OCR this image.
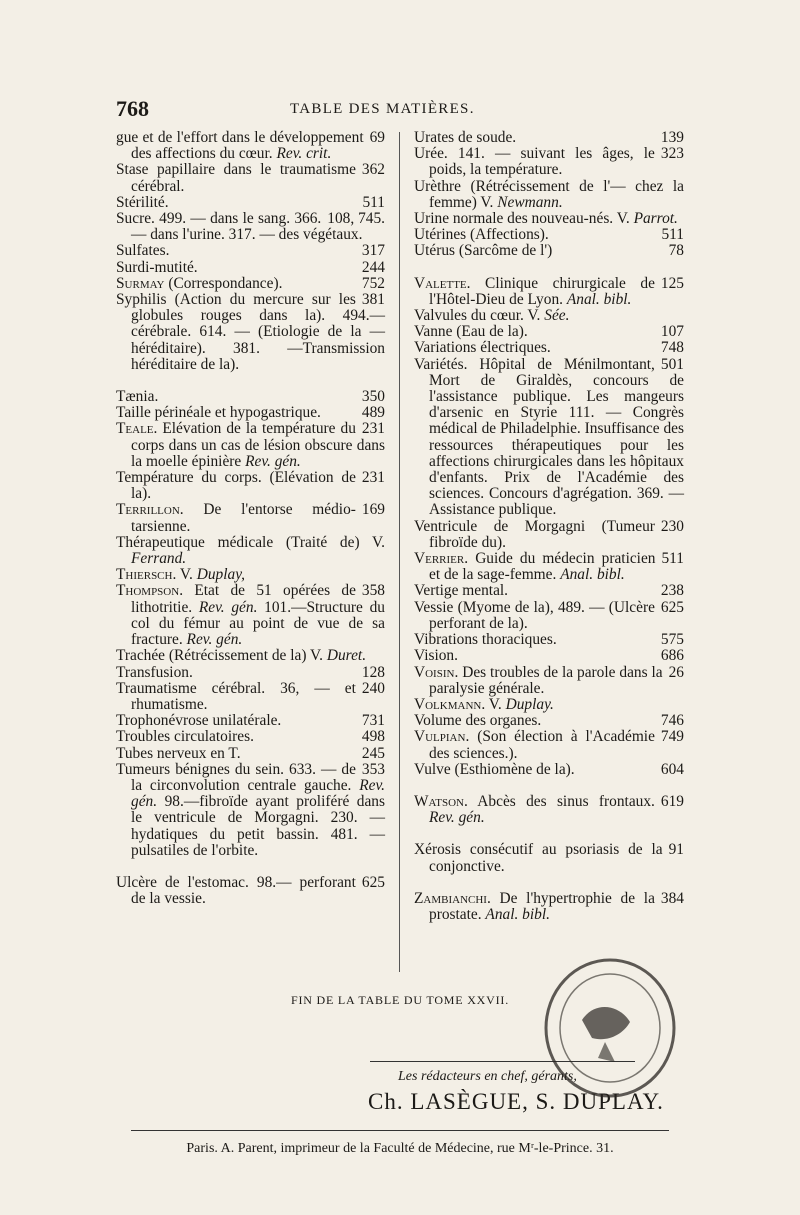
768	TABLE DES MATIÈRES.

69
gue et de l'effort dans le développement des affections du cœur. Rev. crit.

362
Stase papillaire dans le traumatisme cérébral.

511
Stérilité.

108, 745.
Sucre. 499. — dans le sang. 366. — dans l'urine. 317. — des végétaux.

317
Sulfates.

244
Surdi-mutité.

752
Surmay (Correspondance).

381
Syphilis (Action du mercure sur les globules rouges dans la). 494.—cérébrale. 614. — (Etiologie de la — héréditaire). 381. —Transmission héréditaire de la).

350
Tænia.

489
Taille périnéale et hypogastrique.

231
Teale. Elévation de la température du corps dans un cas de lésion obscure dans la moelle épinière Rev. gén.

231
Température du corps. (Elévation de la).

169
Terrillon. De l'entorse médio-tarsienne.

Thérapeutique médicale (Traité de) V. Ferrand.

Thiersch. V. Duplay,

358
Thompson. Etat de 51 opérées de lithotritie. Rev. gén. 101.—Structure du col du fémur au point de vue de sa fracture. Rev. gén.

Trachée (Rétrécissement de la) V. Duret.

128
Transfusion.

240
Traumatisme cérébral. 36, — et rhumatisme.

731
Trophonévrose unilatérale.

498
Troubles circulatoires.

245
Tubes nerveux en T.

353
Tumeurs bénignes du sein. 633. — de la circonvolution centrale gauche. Rev. gén. 98.—fibroïde ayant proliféré dans le ventricule de Morgagni. 230. — hydatiques du petit bassin. 481. — pulsatiles de l'orbite.

625
Ulcère de l'estomac. 98.— perforant de la vessie.

139
Urates de soude.

323
Urée. 141. — suivant les âges, le poids, la température.

Urèthre (Rétrécissement de l'— chez la femme) V. Newmann.

Urine normale des nouveau-nés. V. Parrot.

511
Utérines (Affections).

78
Utérus (Sarcôme de l')

125
Valette. Clinique chirurgicale de l'Hôtel-Dieu de Lyon. Anal. bibl.

Valvules du cœur. V. Sée.

107
Vanne (Eau de la).

748
Variations électriques.

501
Variétés. Hôpital de Ménilmontant, Mort de Giraldès, concours de l'assistance publique. Les mangeurs d'arsenic en Styrie 111. — Congrès médical de Philadelphie. Insuffisance des ressources thérapeutiques pour les affections chirurgicales dans les hôpitaux d'enfants. Prix de l'Académie des sciences. Concours d'agrégation. 369. — Assistance publique.

230
Ventricule de Morgagni (Tumeur fibroïde du).

511
Verrier. Guide du médecin praticien et de la sage-femme. Anal. bibl.

238
Vertige mental.

625
Vessie (Myome de la), 489. — (Ulcère perforant de la).

575
Vibrations thoraciques.

686
Vision.

26
Voisin. Des troubles de la parole dans la paralysie générale.

Volkmann. V. Duplay.

746
Volume des organes.

749
Vulpian. (Son élection à l'Académie des sciences.).

604
Vulve (Esthiomène de la).

619
Watson. Abcès des sinus frontaux. Rev. gén.

91
Xérosis consécutif au psoriasis de la conjonctive.

384
Zambianchi. De l'hypertrophie de la prostate. Anal. bibl.

FIN DE LA TABLE DU TOME XXVII.
Les rédacteurs en chef, gérants,
Ch. LASÈGUE, S. DUPLAY.
Paris. A. Parent, imprimeur de la Faculté de Médecine, rue Mʳ-le-Prince. 31.
